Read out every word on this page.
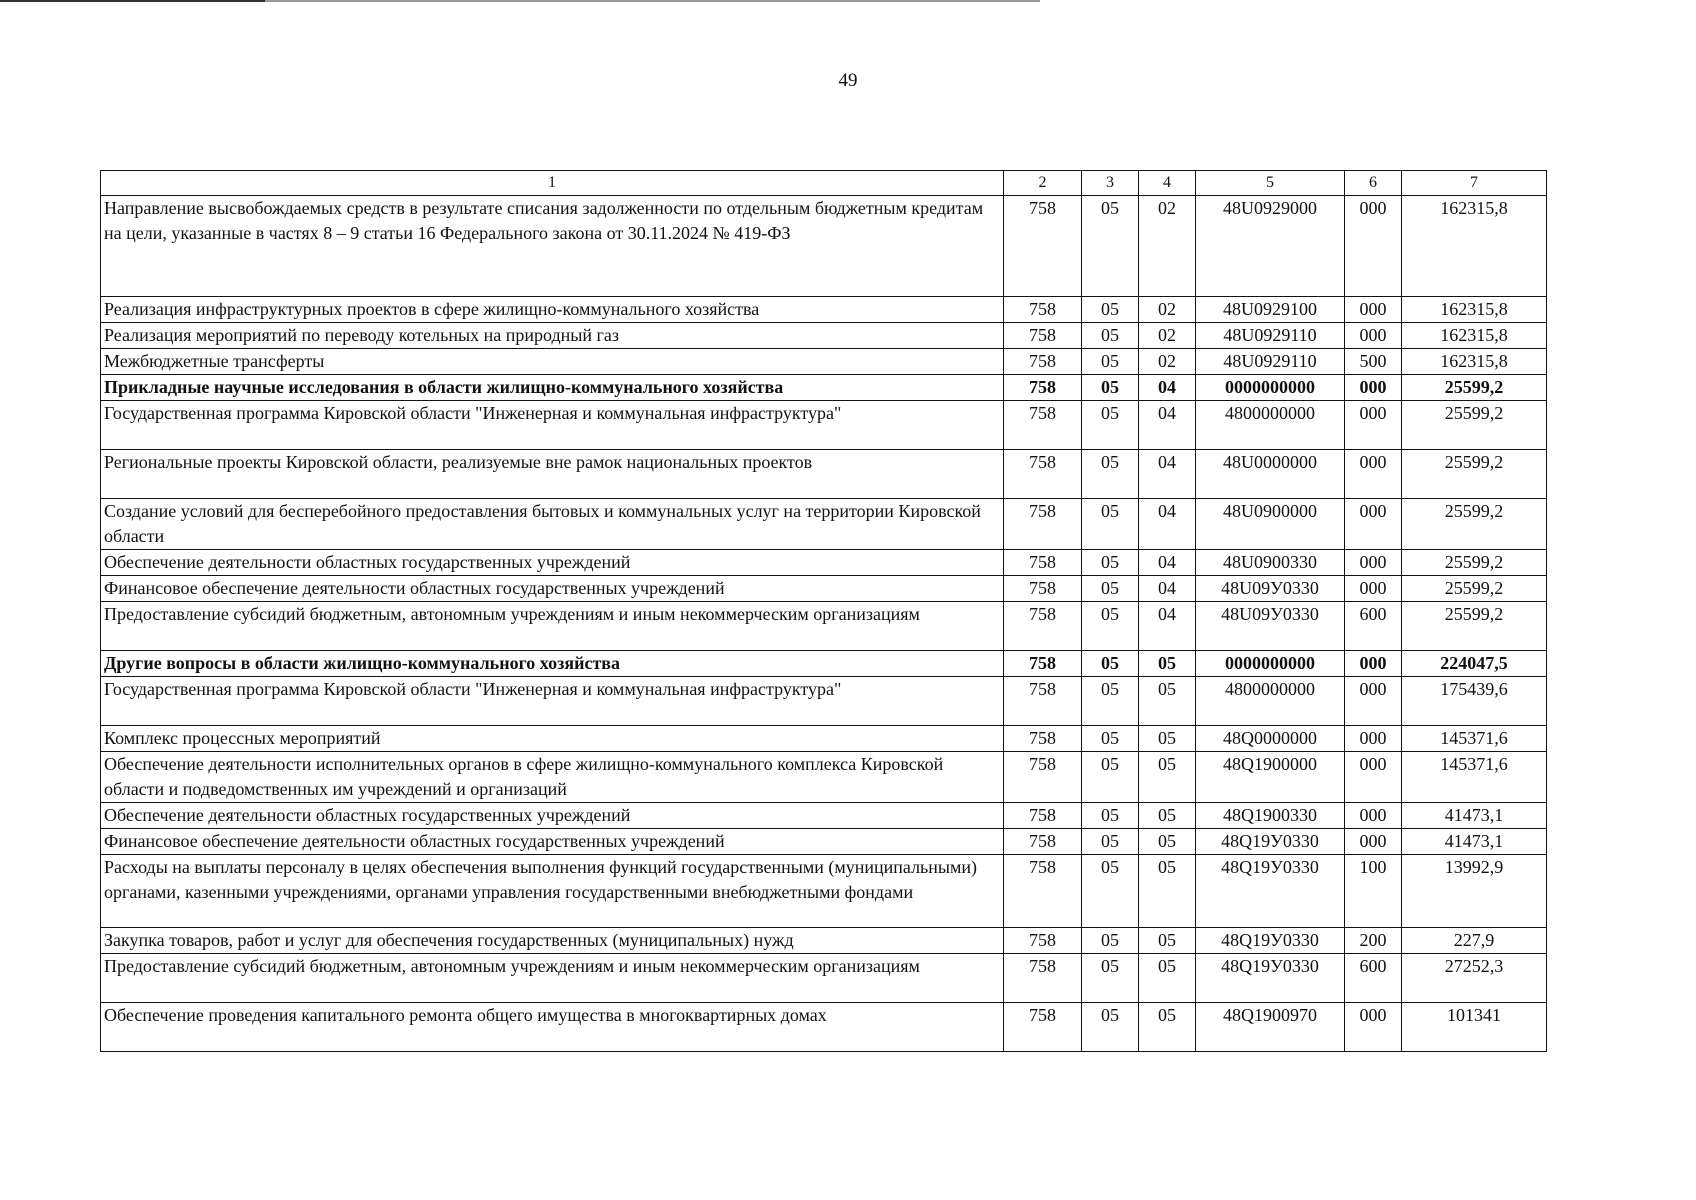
49
1	2	3	4	5	6	7
Направление высвобождаемых средств в результате списания задолженности по отдельным бюджетным кредитам на цели, указанные в частях 8 – 9 статьи 16 Федерального закона от 30.11.2024 № 419-ФЗ	758	05	02	48U0929000	000	162315,8
Реализация инфраструктурных проектов в сфере жилищно-коммунального хозяйства	758	05	02	48U0929100	000	162315,8
Реализация мероприятий по переводу котельных на природный газ	758	05	02	48U0929110	000	162315,8
Межбюджетные трансферты	758	05	02	48U0929110	500	162315,8
Прикладные научные исследования в области жилищно-коммунального хозяйства	758	05	04	0000000000	000	25599,2
Государственная программа Кировской области "Инженерная и коммунальная инфраструктура"	758	05	04	4800000000	000	25599,2
Региональные проекты Кировской области, реализуемые вне рамок национальных проектов	758	05	04	48U0000000	000	25599,2
Создание условий для бесперебойного предоставления бытовых и коммунальных услуг на территории Кировской области	758	05	04	48U0900000	000	25599,2
Обеспечение деятельности областных государственных учреждений	758	05	04	48U0900330	000	25599,2
Финансовое обеспечение деятельности областных государственных учреждений	758	05	04	48U09У0330	000	25599,2
Предоставление субсидий бюджетным, автономным учреждениям и иным некоммерческим организациям	758	05	04	48U09У0330	600	25599,2
Другие вопросы в области жилищно-коммунального хозяйства	758	05	05	0000000000	000	224047,5
Государственная программа Кировской области "Инженерная и коммунальная инфраструктура"	758	05	05	4800000000	000	175439,6
Комплекс процессных мероприятий	758	05	05	48Q0000000	000	145371,6
Обеспечение деятельности исполнительных органов в сфере жилищно-коммунального комплекса Кировской области и подведомственных им учреждений и организаций	758	05	05	48Q1900000	000	145371,6
Обеспечение деятельности областных государственных учреждений	758	05	05	48Q1900330	000	41473,1
Финансовое обеспечение деятельности областных государственных учреждений	758	05	05	48Q19У0330	000	41473,1
Расходы на выплаты персоналу в целях обеспечения выполнения функций государственными (муниципальными) органами, казенными учреждениями, органами управления государственными внебюджетными фондами	758	05	05	48Q19У0330	100	13992,9
Закупка товаров, работ и услуг для обеспечения государственных (муниципальных) нужд	758	05	05	48Q19У0330	200	227,9
Предоставление субсидий бюджетным, автономным учреждениям и иным некоммерческим организациям	758	05	05	48Q19У0330	600	27252,3
Обеспечение проведения капитального ремонта общего имущества в многоквартирных домах	758	05	05	48Q1900970	000	101341
